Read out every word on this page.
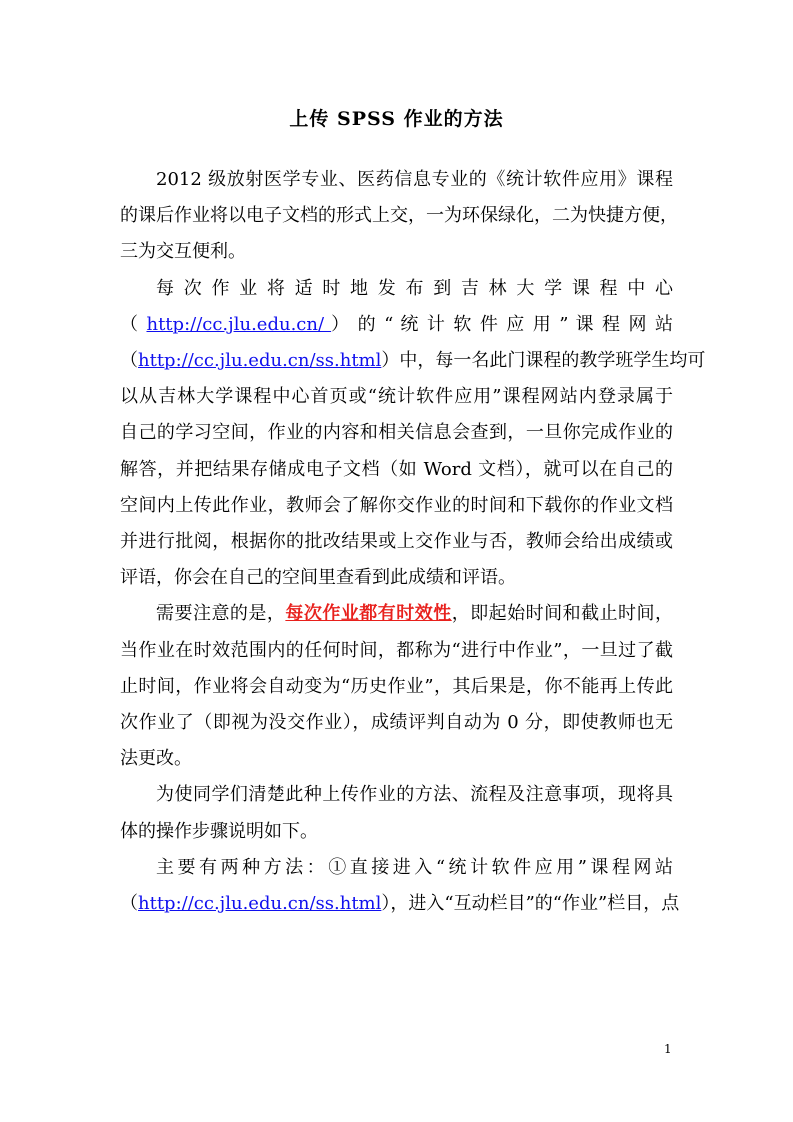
上传 SPSS 作业的方法
2012 级放射医学专业、医药信息专业的《统计软件应用》课程
的课后作业将以电子文档的形式上交，一为环保绿化，二为快捷方便，
三为交互便利。
每 次 作 业 将 适 时 地 发 布 到 吉 林 大 学 课 程 中 心
（ http://cc.jlu.edu.cn/ ） 的 “ 统 计 软 件 应 用 ” 课 程 网 站
（http://cc.jlu.edu.cn/ss.html）中，每一名此门课程的教学班学生均可
以从吉林大学课程中心首页或“统计软件应用”课程网站内登录属于
自己的学习空间，作业的内容和相关信息会查到，一旦你完成作业的
解答，并把结果存储成电子文档（如 Word 文档），就可以在自己的
空间内上传此作业，教师会了解你交作业的时间和下载你的作业文档
并进行批阅，根据你的批改结果或上交作业与否，教师会给出成绩或
评语，你会在自己的空间里查看到此成绩和评语。
需要注意的是，每次作业都有时效性，即起始时间和截止时间，
当作业在时效范围内的任何时间，都称为“进行中作业”，一旦过了截
止时间，作业将会自动变为“历史作业”，其后果是，你不能再上传此
次作业了（即视为没交作业），成绩评判自动为 0 分，即使教师也无
法更改。
为使同学们清楚此种上传作业的方法、流程及注意事项，现将具
体的操作步骤说明如下。
主要有两种方法：①直接进入“统计软件应用”课程网站
（http://cc.jlu.edu.cn/ss.html），进入“互动栏目”的“作业”栏目，点
1
